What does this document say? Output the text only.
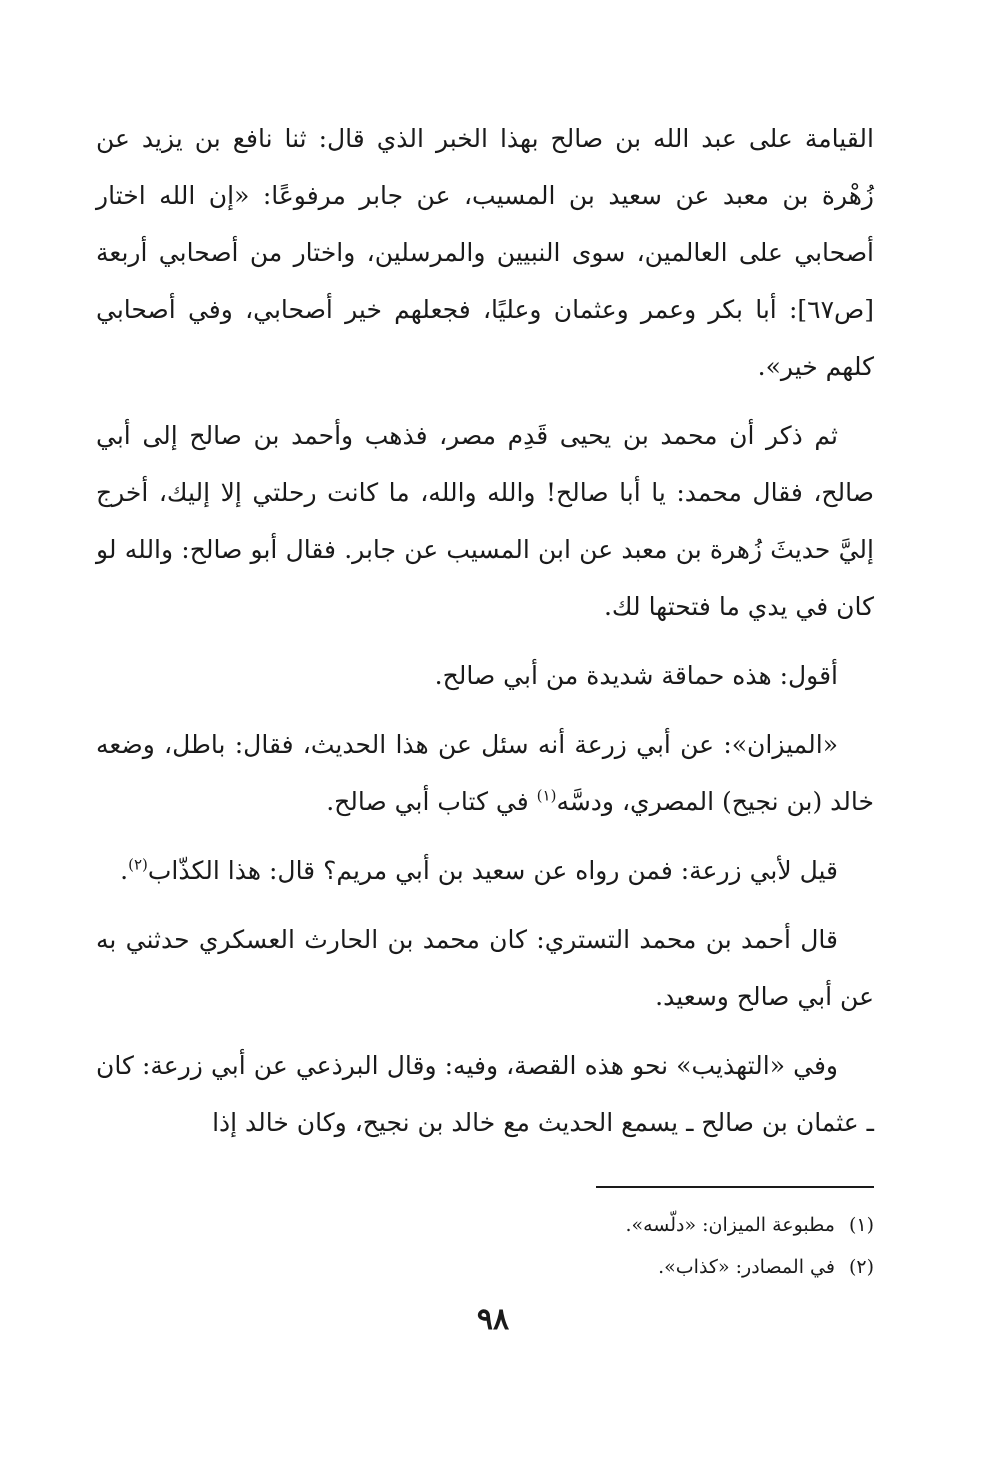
القيامة على عبد الله بن صالح بهذا الخبر الذي قال: ثنا نافع بن يزيد عن زُهْرة بن معبد عن سعيد بن المسيب، عن جابر مرفوعًا: «إن الله اختار أصحابي على العالمين، سوى النبيين والمرسلين، واختار من أصحابي أربعة [ص٦٧]: أبا بكر وعمر وعثمان وعليًا، فجعلهم خير أصحابي، وفي أصحابي كلهم خير».

ثم ذكر أن محمد بن يحيى قَدِم مصر، فذهب وأحمد بن صالح إلى أبي صالح، فقال محمد: يا أبا صالح! والله والله، ما كانت رحلتي إلا إليك، أخرج إليَّ حديثَ زُهرة بن معبد عن ابن المسيب عن جابر. فقال أبو صالح: والله لو كان في يدي ما فتحتها لك.

أقول: هذه حماقة شديدة من أبي صالح.

«الميزان»: عن أبي زرعة أنه سئل عن هذا الحديث، فقال: باطل، وضعه خالد (بن نجيح) المصري، ودسَّه$^{(١)}$ في كتاب أبي صالح.

قيل لأبي زرعة: فمن رواه عن سعيد بن أبي مريم؟ قال: هذا الكذّاب$^{(٢)}$.

قال أحمد بن محمد التستري: كان محمد بن الحارث العسكري حدثني به عن أبي صالح وسعيد.

وفي «التهذيب» نحو هذه القصة، وفيه: وقال البرذعي عن أبي زرعة: كان ـ عثمان بن صالح ـ يسمع الحديث مع خالد بن نجيح، وكان خالد إذا

(١)مطبوعة الميزان: «دلّسه».

(٢)في المصادر: «كذاب».

٩٨
